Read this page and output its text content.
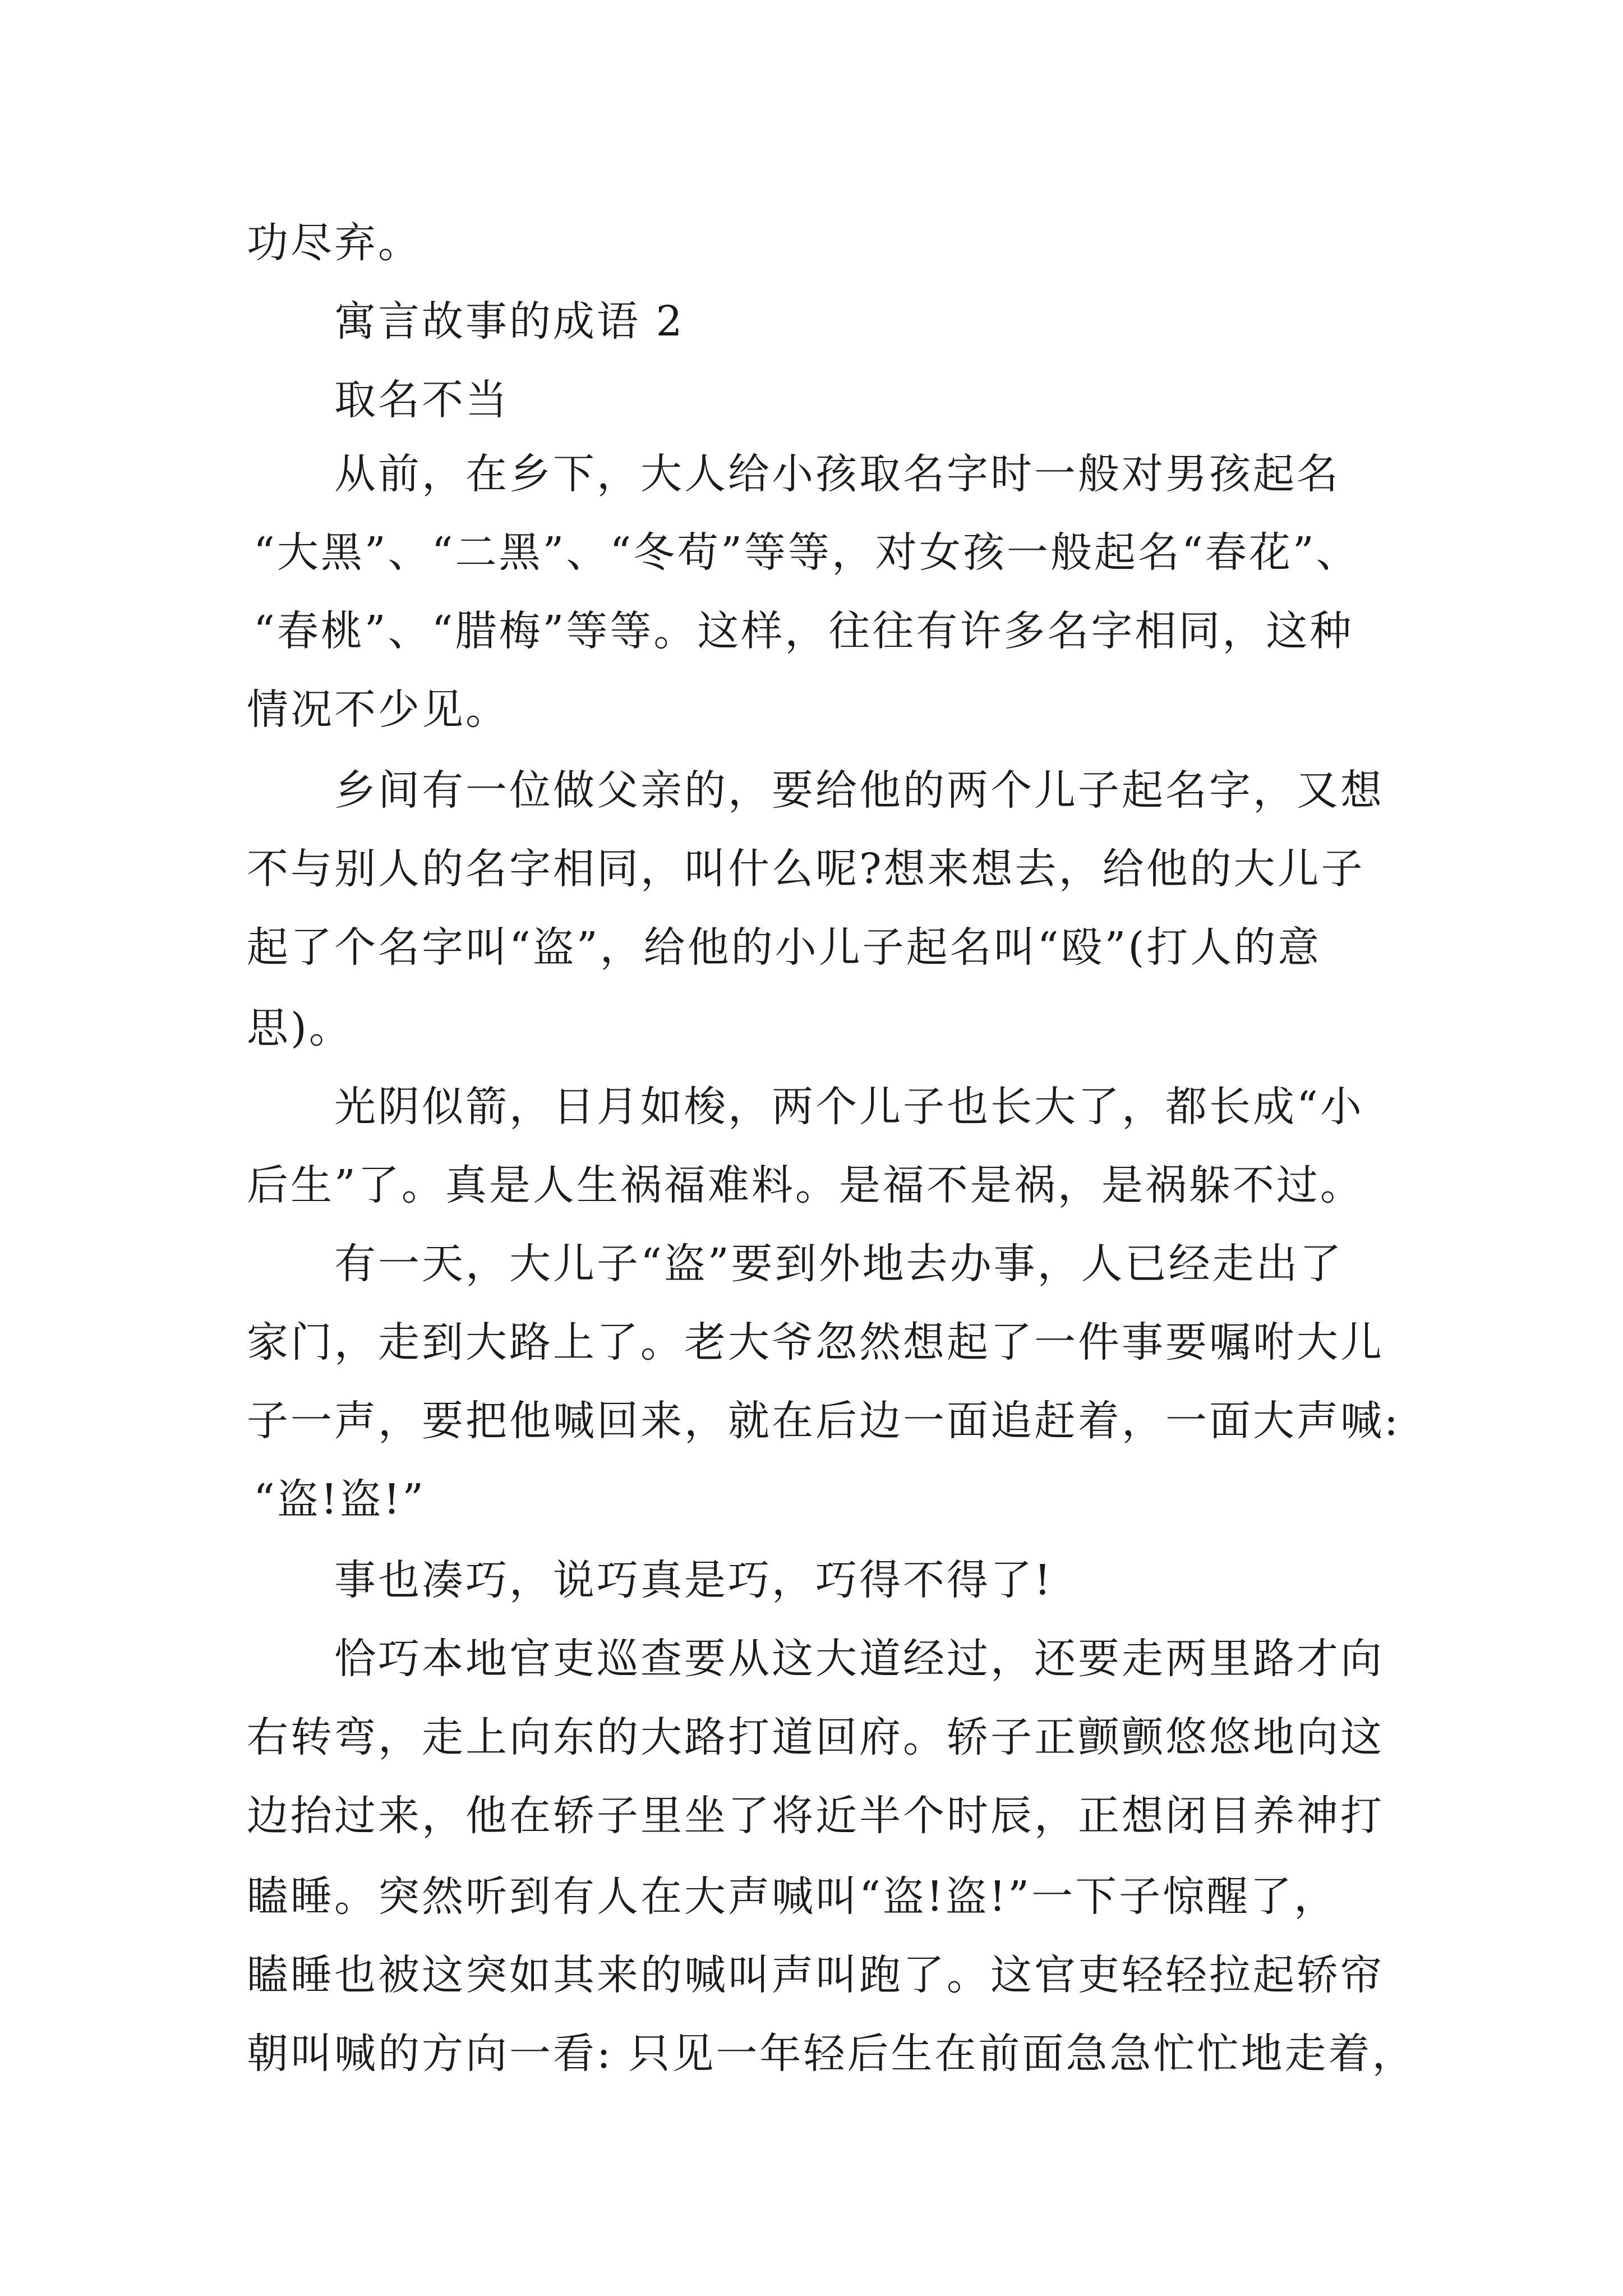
功尽弃。
寓言故事的成语 2
取名不当
从前，在乡下，大人给小孩取名字时一般对男孩起名
“大黑”、“二黑”、“冬苟”等等，对女孩一般起名“春花”、
“春桃”、“腊梅”等等。这样，往往有许多名字相同，这种
情况不少见。
乡间有一位做父亲的，要给他的两个儿子起名字，又想
不与别人的名字相同，叫什么呢?想来想去，给他的大儿子
起了个名字叫“盗”，给他的小儿子起名叫“殴”(打人的意
思)。
光阴似箭，日月如梭，两个儿子也长大了，都长成“小
后生”了。真是人生祸福难料。是福不是祸，是祸躲不过。
有一天，大儿子“盗”要到外地去办事，人已经走出了
家门，走到大路上了。老大爷忽然想起了一件事要嘱咐大儿
子一声，要把他喊回来，就在后边一面追赶着，一面大声喊:
“盗!盗!”
事也凑巧，说巧真是巧，巧得不得了!
恰巧本地官吏巡查要从这大道经过，还要走两里路才向
右转弯，走上向东的大路打道回府。轿子正颤颤悠悠地向这
边抬过来，他在轿子里坐了将近半个时辰，正想闭目养神打
瞌睡。突然听到有人在大声喊叫“盗!盗!”一下子惊醒了，
瞌睡也被这突如其来的喊叫声叫跑了。这官吏轻轻拉起轿帘
朝叫喊的方向一看: 只见一年轻后生在前面急急忙忙地走着，
